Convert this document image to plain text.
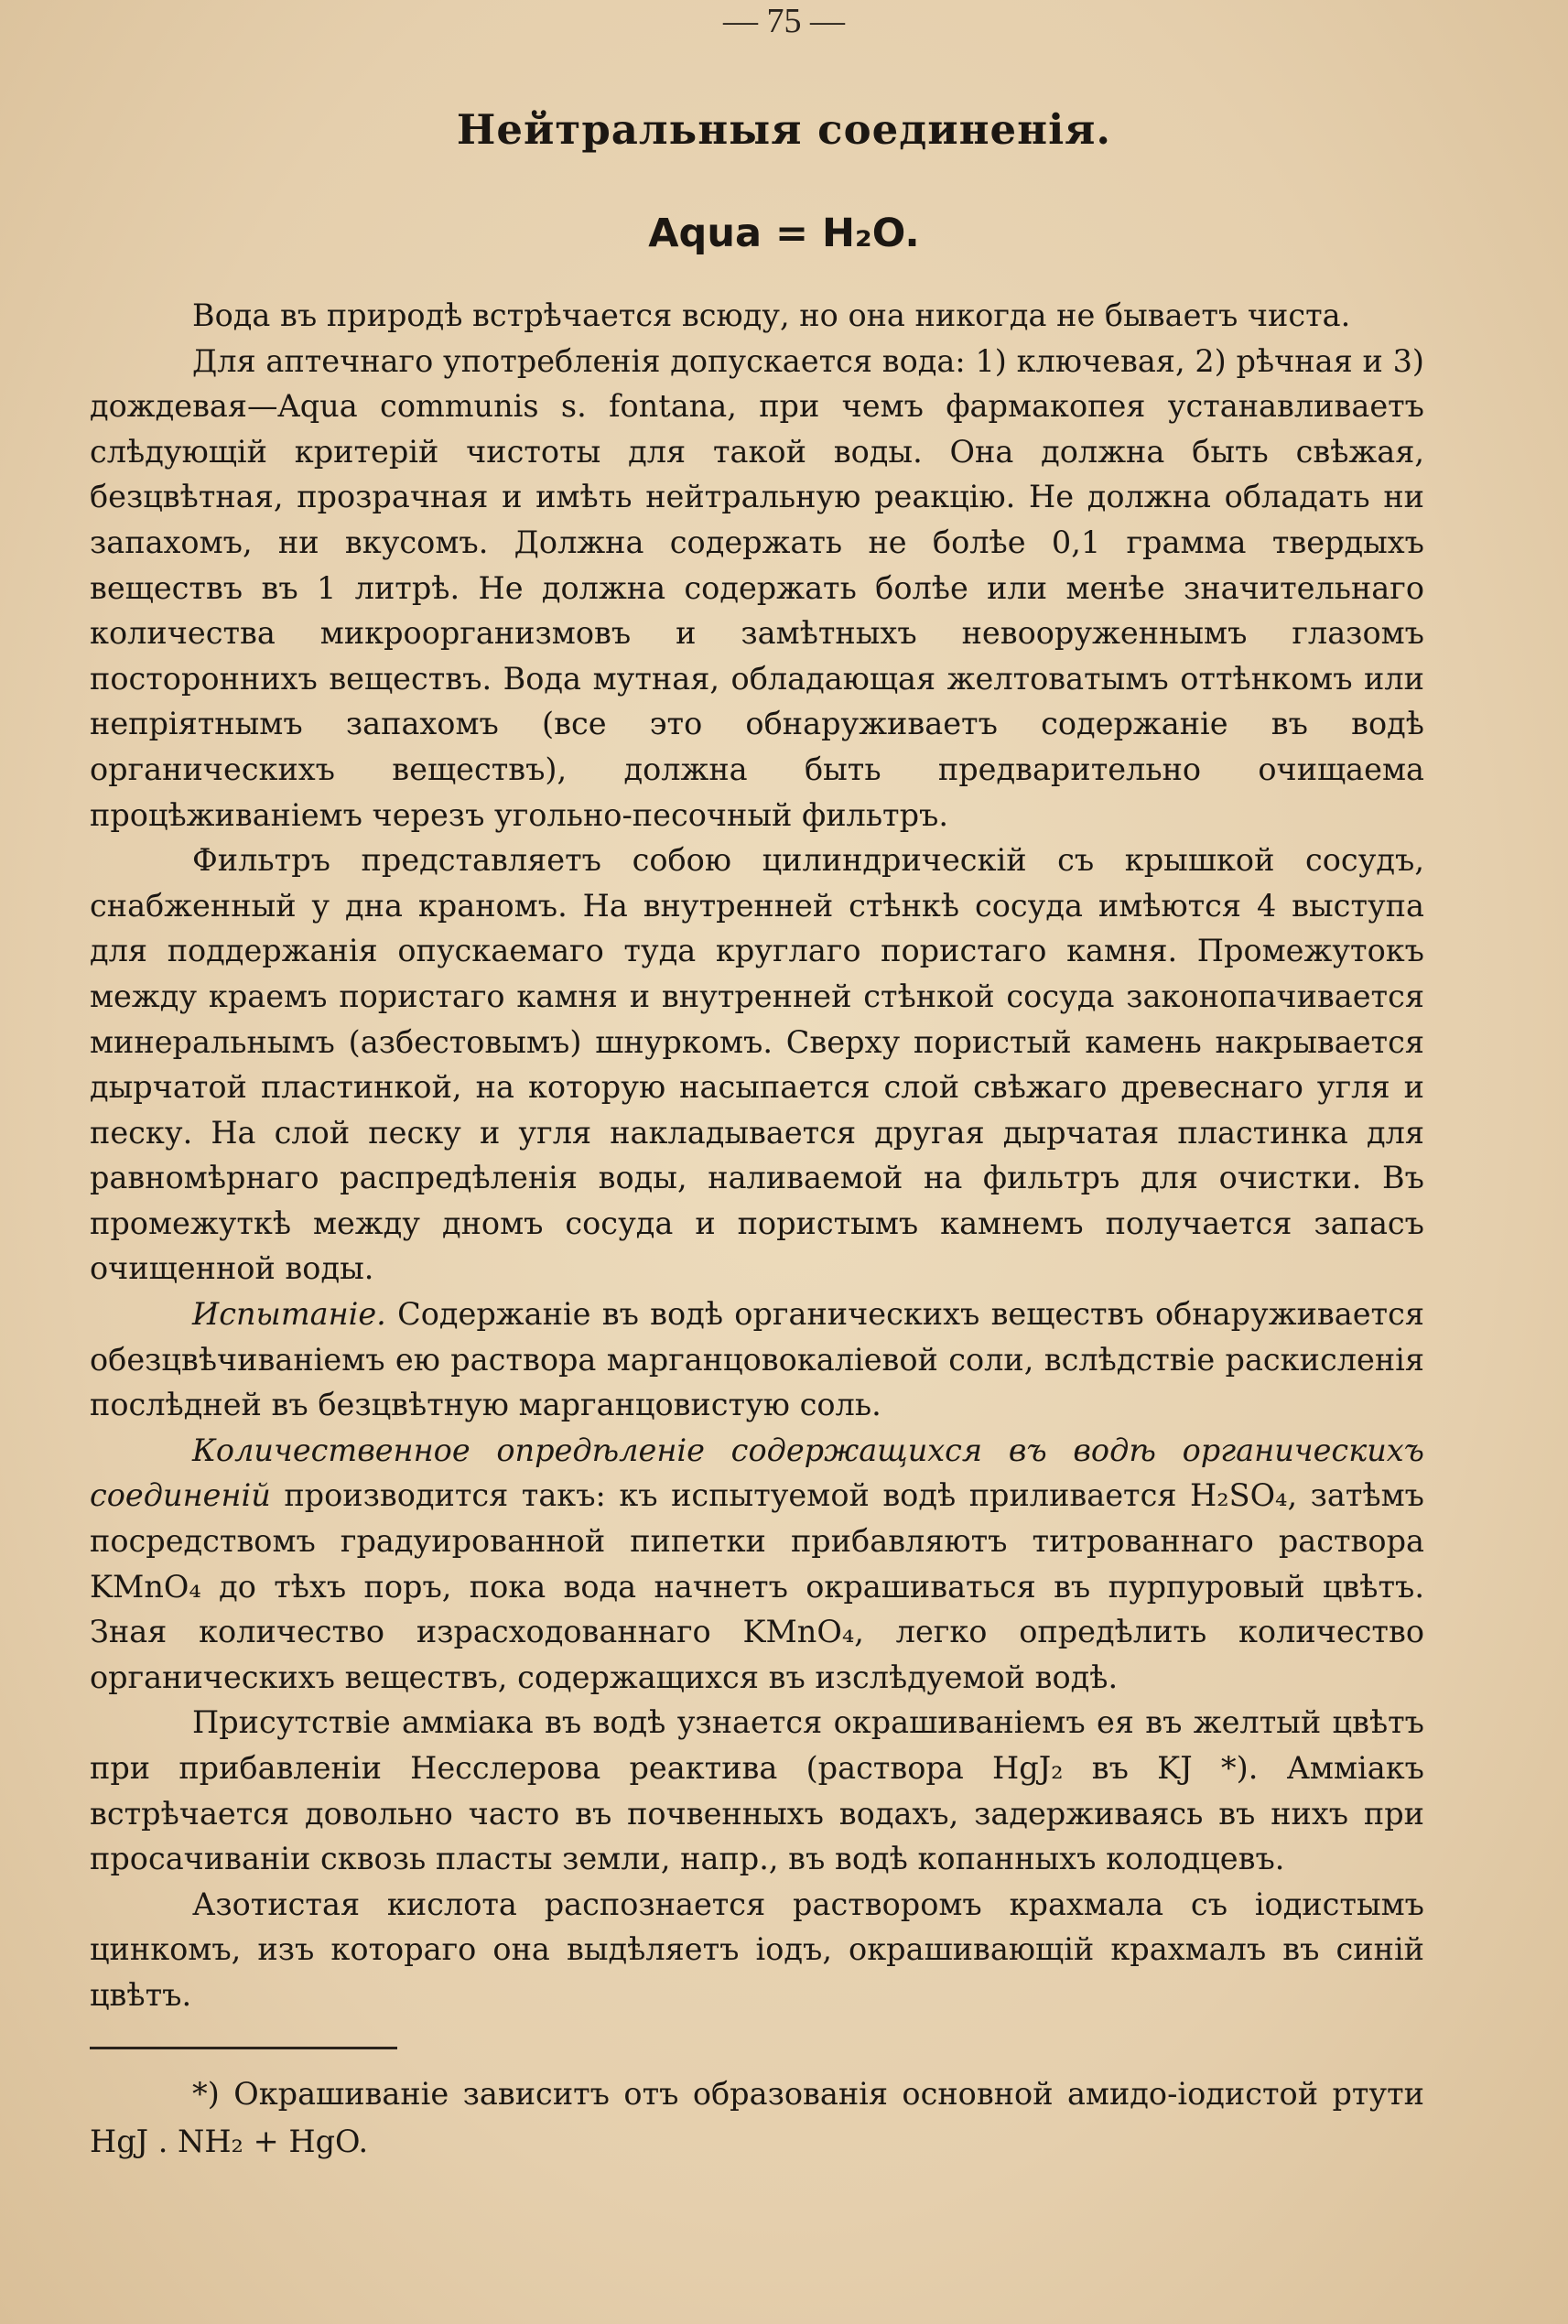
— 75 —
Нейтральныя соединенія.
Aqua = H₂O.

Вода въ природѣ встрѣчается всюду, но она никогда не бываетъ чиста.

Для аптечнаго употребленія допускается вода: 1) ключевая, 2) рѣчная и 3) дождевая—Aqua communis s. fontana, при чемъ фармакопея устанавливаетъ слѣдующій критерій чистоты для такой воды. Она должна быть свѣжая, безцвѣтная, прозрачная и имѣть нейтральную реакцію. Не должна обладать ни запахомъ, ни вкусомъ. Должна содержать не болѣе 0,1 грамма твердыхъ веществъ въ 1 литрѣ. Не должна содержать болѣе или менѣе значительнаго количества микроорганизмовъ и замѣтныхъ невооруженнымъ глазомъ постороннихъ веществъ. Вода мутная, обладающая желтоватымъ оттѣнкомъ или непріятнымъ запахомъ (все это обнаруживаетъ содержаніе въ водѣ органическихъ веществъ), должна быть предварительно очищаема процѣживаніемъ черезъ угольно-песочный фильтръ.

Фильтръ представляетъ собою цилиндрическій съ крышкой сосудъ, снабженный у дна краномъ. На внутренней стѣнкѣ сосуда имѣются 4 выступа для поддержанія опускаемаго туда круглаго пористаго камня. Промежутокъ между краемъ пористаго камня и внутренней стѣнкой сосуда законопачивается минеральнымъ (азбестовымъ) шнуркомъ. Сверху пористый камень накрывается дырчатой пластинкой, на которую насыпается слой свѣжаго древеснаго угля и песку. На слой песку и угля накладывается другая дырчатая пластинка для равномѣрнаго распредѣленія воды, наливаемой на фильтръ для очистки. Въ промежуткѣ между дномъ сосуда и пористымъ камнемъ получается запасъ очищенной воды.

Испытаніе. Содержаніе въ водѣ органическихъ веществъ обнаруживается обезцвѣчиваніемъ ею раствора марганцовокаліевой соли, вслѣдствіе раскисленія послѣдней въ безцвѣтную марганцовистую соль.

Количественное опредѣленіе содержащихся въ водѣ органическихъ соединеній производится такъ: къ испытуемой водѣ приливается H₂SO₄, затѣмъ посредствомъ градуированной пипетки прибавляютъ титрованнаго раствора KMnO₄ до тѣхъ поръ, пока вода начнетъ окрашиваться въ пурпуровый цвѣтъ. Зная количество израсходованнаго KMnO₄, легко опредѣлить количество органическихъ веществъ, содержащихся въ изслѣдуемой водѣ.

Присутствіе аммiака въ водѣ узнается окрашиваніемъ ея въ желтый цвѣтъ при прибавленіи Несслерова реактива (раствора HgJ₂ въ KJ *). Аммiакъ встрѣчается довольно часто въ почвенныхъ водахъ, задерживаясь въ нихъ при просачиваніи сквозь пласты земли, напр., въ водѣ копанныхъ колодцевъ.

Азотистая кислота распознается растворомъ крахмала съ іодистымъ цинкомъ, изъ котораго она выдѣляетъ іодъ, окрашивающій крахмалъ въ синій цвѣтъ.

*) Окрашиваніе зависитъ отъ образованія основной амидо-іодистой ртути HgJ . NH₂ + HgO.
